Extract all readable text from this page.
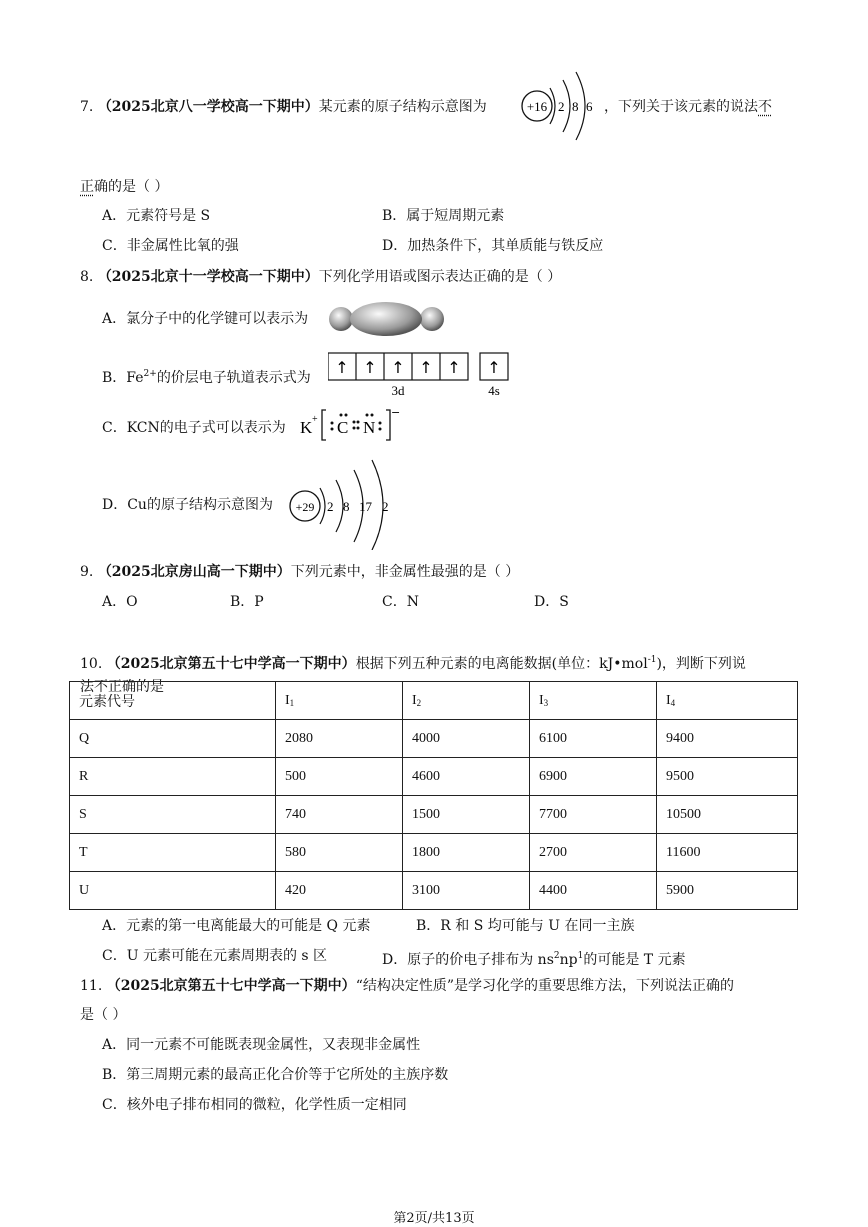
7. （2025北京八一学校高一下期中）某元素的原子结构示意图为	+16 2 8 6 ，下列关于该元素的说法不
正确的是（ ）
A．元素符号是 S	B．属于短周期元素
C．非金属性比氧的强	D．加热条件下，其单质能与铁反应
8. （2025北京十一学校高一下期中）下列化学用语或图示表达正确的是（ ）
A．氯分子中的化学键可以表示为
B．$Fe^{2+}$的价层电子轨道表示式为
↑ ↑ ↑ ↑ ↑ ↑
3d	4s
C．KCN的电子式可以表示为 K +
−
C N
D．Cu的原子结构示意图为 +29 2 8 17 2
9. （2025北京房山高一下期中）下列元素中，非金属性最强的是（ ）
A．O	B．P	C．N	D．S
10. （2025北京第五十七中学高一下期中）根据下列五种元素的电离能数据(单位：kJ•mol$^{-1}$)，判断下列说
法不正确的是
元素代号	$I_1$	$I_2$	$I_3$	$I_4$
Q	2080	4000	6100	9400
R	500	4600	6900	9500
S	740	1500	7700	10500
T	580	1800	2700	11600
U	420	3100	4400	5900
A．元素的第一电离能最大的可能是 Q 元素	B．R 和 S 均可能与 U 在同一主族
C．U 元素可能在元素周期表的 s 区	D．原子的价电子排布为 $ns^2np^1$的可能是 T 元素
11. （2025北京第五十七中学高一下期中）“结构决定性质”是学习化学的重要思维方法，下列说法正确的
是（ ）
A．同一元素不可能既表现金属性，又表现非金属性
B．第三周期元素的最高正化合价等于它所处的主族序数
C．核外电子排布相同的微粒，化学性质一定相同
第2页/共13页
